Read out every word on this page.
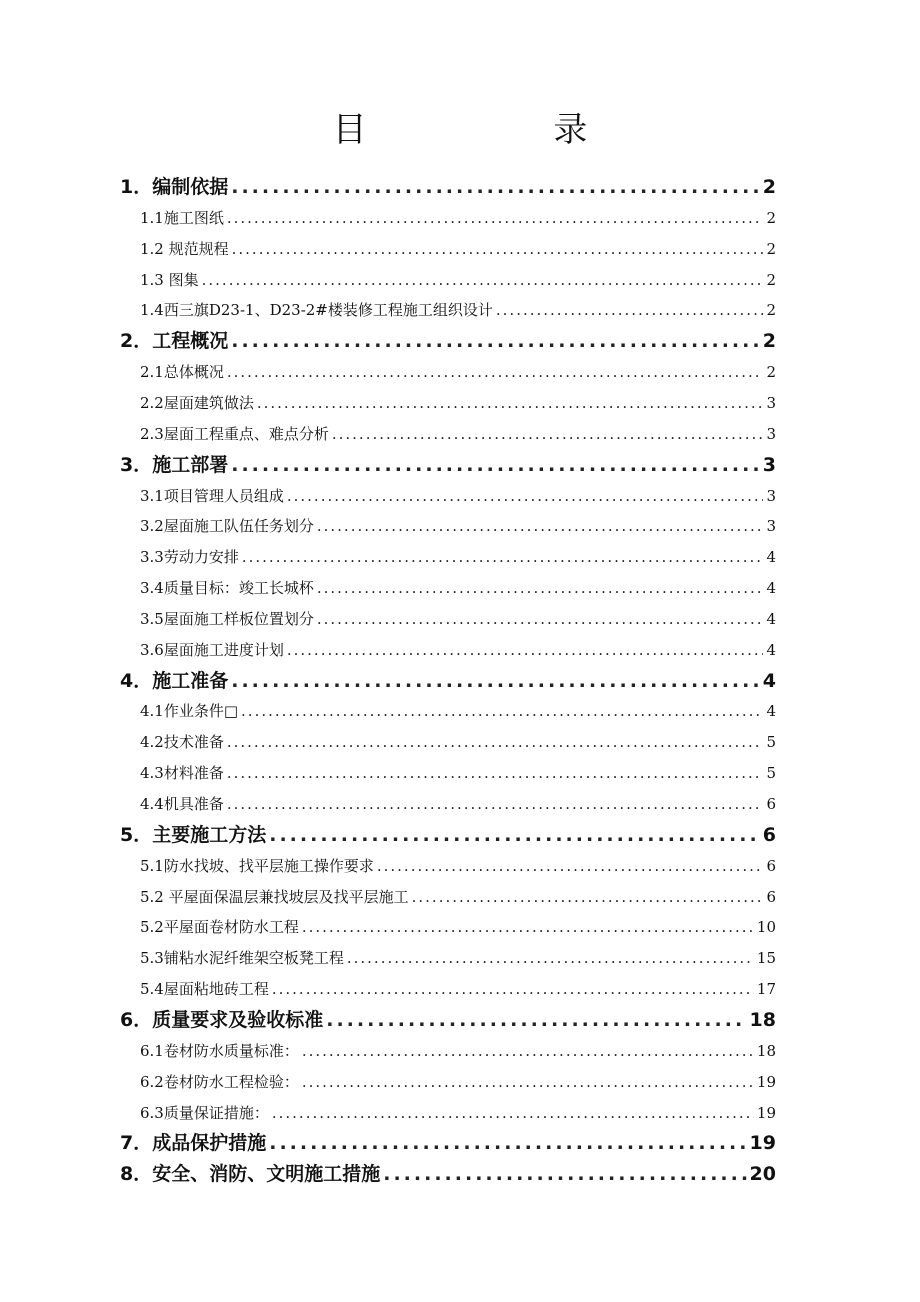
目 录
1．编制依据 .....	2
1.1施工图纸 .....	2
1.2 规范规程 .....	2
1.3 图集 .....	2
1.4西三旗D23-1、D23-2#楼装修工程施工组织设计 .....	2
2．工程概况 .....	2
2.1总体概况 .....	2
2.2屋面建筑做法 .....	3
2.3屋面工程重点、难点分析 .....	3
3．施工部署 .....	3
3.1项目管理人员组成 .....	3
3.2屋面施工队伍任务划分 .....	3
3.3劳动力安排 .....	4
3.4质量目标：竣工长城杯 .....	4
3.5屋面施工样板位置划分 .....	4
3.6屋面施工进度计划 .....	4
4．施工准备 .....	4
4.1作业条件□ .....	4
4.2技术准备 .....	5
4.3材料准备 .....	5
4.4机具准备 .....	6
5．主要施工方法 .....	6
5.1防水找坡、找平层施工操作要求 .....	6
5.2 平屋面保温层兼找坡层及找平层施工 .....	6
5.2平屋面卷材防水工程 .....	10
5.3铺粘水泥纤维架空板凳工程 .....	15
5.4屋面粘地砖工程 .....	17
6．质量要求及验收标准 .....	18
6.1卷材防水质量标准： .....	18
6.2卷材防水工程检验： .....	19
6.3质量保证措施： .....	19
7．成品保护措施 .....	19
8．安全、消防、文明施工措施 .....	20
